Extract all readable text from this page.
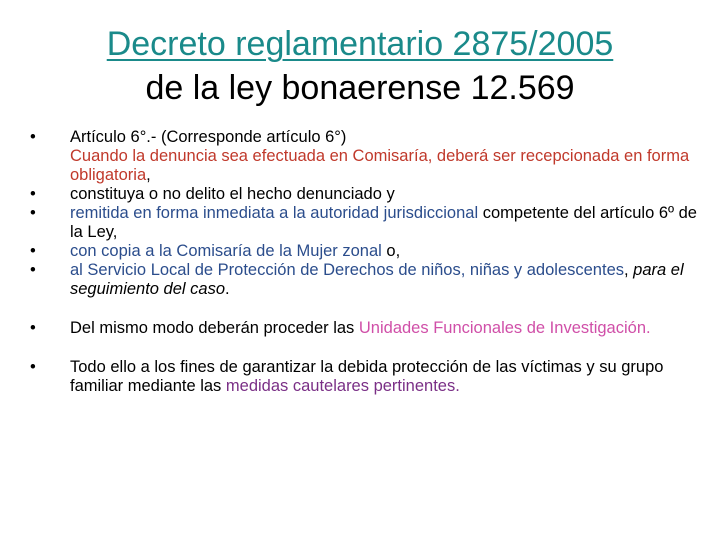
Decreto reglamentario 2875/2005
de la ley bonaerense 12.569
•	Artículo 6°.- (Corresponde artículo 6°)
Cuando la denuncia sea efectuada en Comisaría, deberá ser recepcionada en forma obligatoria,
•	constituya o no delito el hecho denunciado y
•	remitida en forma inmediata a la autoridad jurisdiccional competente del artículo 6º de la Ley,
•	con copia a la Comisaría de la Mujer zonal o,
•	al Servicio Local de Protección de Derechos de niños, niñas y adolescentes, para el seguimiento del caso.
•	Del mismo modo deberán proceder las Unidades Funcionales de Investigación.
•	Todo ello a los fines de garantizar la debida protección de las víctimas y su grupo familiar mediante las medidas cautelares pertinentes.
